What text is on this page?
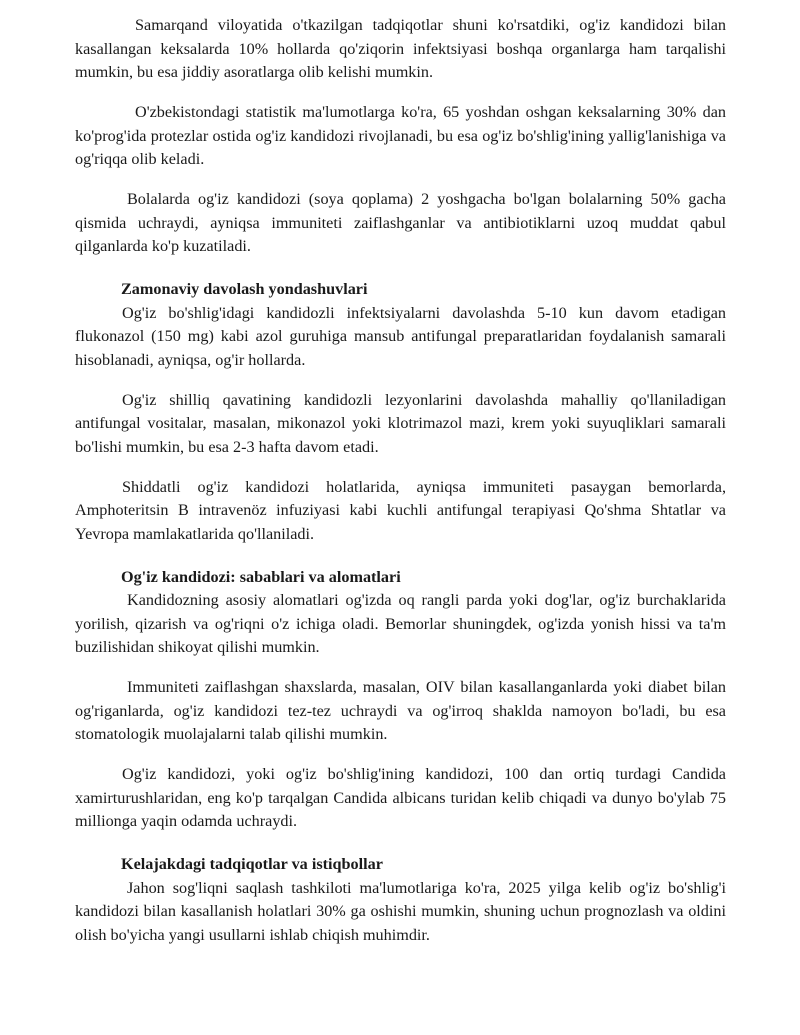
Samarqand viloyatida o'tkazilgan tadqiqotlar shuni ko'rsatdiki, og'iz kandidozi bilan kasallangan keksalarda 10% hollarda qo'ziqorin infektsiyasi boshqa organlarga ham tarqalishi mumkin, bu esa jiddiy asoratlarga olib kelishi mumkin.

O'zbekistondagi statistik ma'lumotlarga ko'ra, 65 yoshdan oshgan keksalarning 30% dan ko'prog'ida protezlar ostida og'iz kandidozi rivojlanadi, bu esa og'iz bo'shlig'ining yallig'lanishiga va og'riqqa olib keladi.

Bolalarda og'iz kandidozi (soya qoplama) 2 yoshgacha bo'lgan bolalarning 50% gacha qismida uchraydi, ayniqsa immuniteti zaiflashganlar va antibiotiklarni uzoq muddat qabul qilganlarda ko'p kuzatiladi.

Zamonaviy davolash yondashuvlari

Og'iz bo'shlig'idagi kandidozli infektsiyalarni davolashda 5-10 kun davom etadigan flukonazol (150 mg) kabi azol guruhiga mansub antifungal preparatlaridan foydalanish samarali hisoblanadi, ayniqsa, og'ir hollarda.

Og'iz shilliq qavatining kandidozli lezyonlarini davolashda mahalliy qo'llaniladigan antifungal vositalar, masalan, mikonazol yoki klotrimazol mazi, krem yoki suyuqliklari samarali bo'lishi mumkin, bu esa 2-3 hafta davom etadi.

Shiddatli og'iz kandidozi holatlarida, ayniqsa immuniteti pasaygan bemorlarda, Amphoteritsin B intravenöz infuziyasi kabi kuchli antifungal terapiyasi Qo'shma Shtatlar va Yevropa mamlakatlarida qo'llaniladi.

Og'iz kandidozi: sabablari va alomatlari

Kandidozning asosiy alomatlari og'izda oq rangli parda yoki dog'lar, og'iz burchaklarida yorilish, qizarish va og'riqni o'z ichiga oladi. Bemorlar shuningdek, og'izda yonish hissi va ta'm buzilishidan shikoyat qilishi mumkin.

Immuniteti zaiflashgan shaxslarda, masalan, OIV bilan kasallanganlarda yoki diabet bilan og'riganlarda, og'iz kandidozi tez-tez uchraydi va og'irroq shaklda namoyon bo'ladi, bu esa stomatologik muolajalarni talab qilishi mumkin.

Og'iz kandidozi, yoki og'iz bo'shlig'ining kandidozi, 100 dan ortiq turdagi Candida xamirturushlaridan, eng ko'p tarqalgan Candida albicans turidan kelib chiqadi va dunyo bo'ylab 75 millionga yaqin odamda uchraydi.

Kelajakdagi tadqiqotlar va istiqbollar

Jahon sog'liqni saqlash tashkiloti ma'lumotlariga ko'ra, 2025 yilga kelib og'iz bo'shlig'i kandidozi bilan kasallanish holatlari 30% ga oshishi mumkin, shuning uchun prognozlash va oldini olish bo'yicha yangi usullarni ishlab chiqish muhimdir.
